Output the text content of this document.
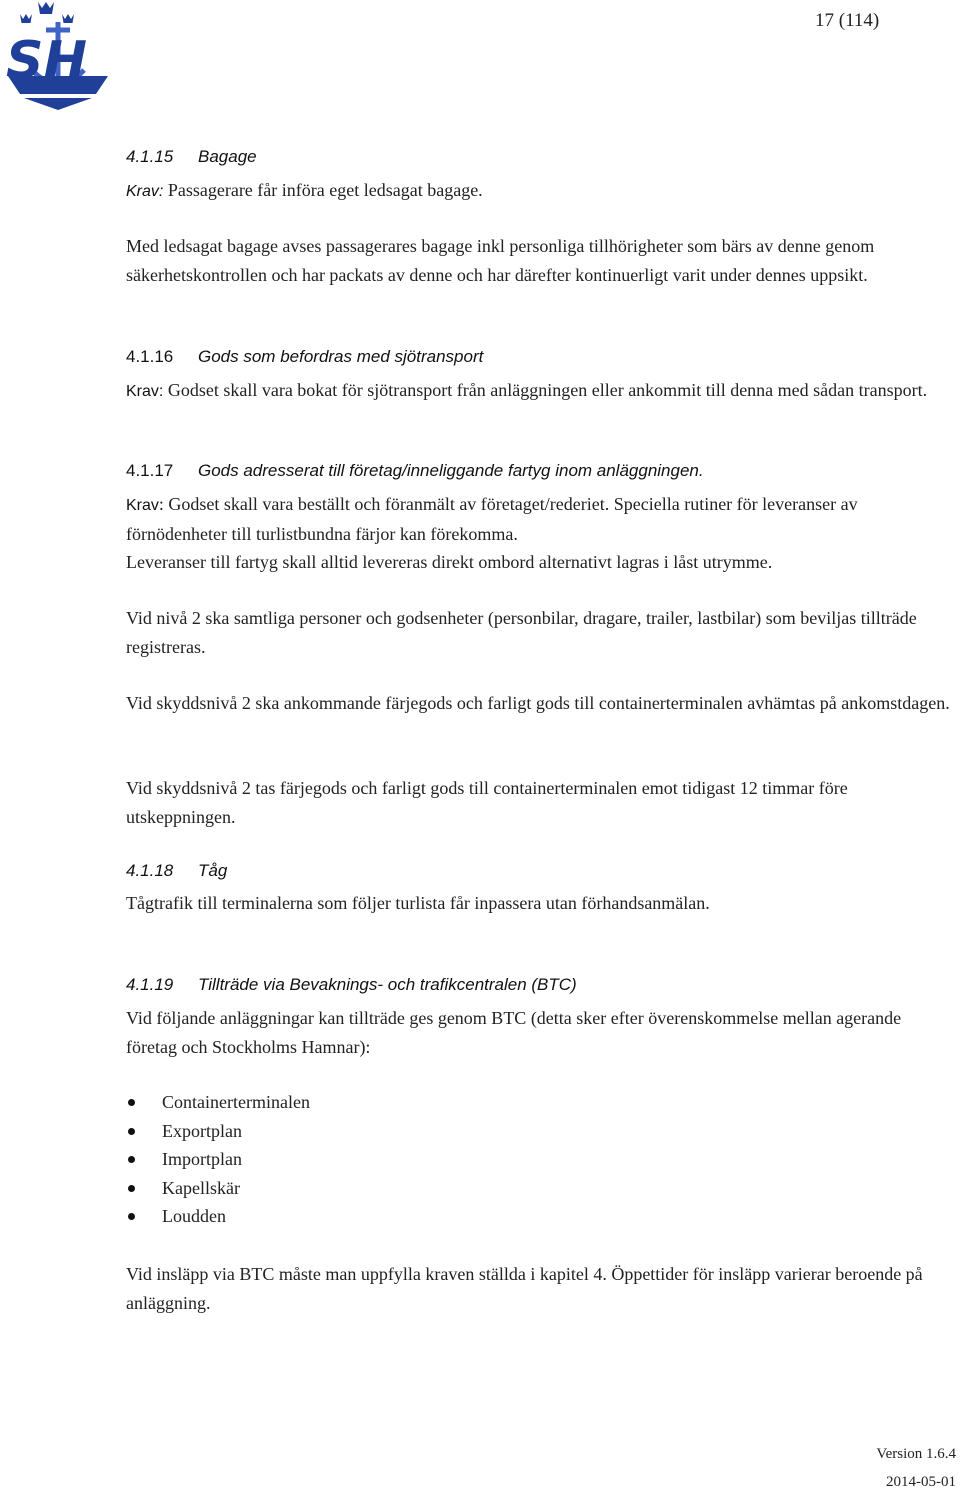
SH
17 (114)
4.1.15 Bagage
Krav: Passagerare får införa eget ledsagat bagage.
Med ledsagat bagage avses passagerares bagage inkl personliga tillhörigheter som bärs av denne genom säkerhetskontrollen och har packats av denne och har därefter kontinuerligt varit under dennes uppsikt.
4.1.16 Gods som befordras med sjötransport
Krav: Godset skall vara bokat för sjötransport från anläggningen eller ankommit till denna med sådan transport.
4.1.17 Gods adresserat till företag/inneliggande fartyg inom anläggningen.
Krav: Godset skall vara beställt och föranmält av företaget/rederiet. Speciella rutiner för leveranser av förnödenheter till turlistbundna färjor kan förekomma.
Leveranser till fartyg skall alltid levereras direkt ombord alternativt lagras i låst utrymme.
Vid nivå 2 ska samtliga personer och godsenheter (personbilar, dragare, trailer, lastbilar) som beviljas tillträde registreras.
Vid skyddsnivå 2 ska ankommande färjegods och farligt gods till containerterminalen avhämtas på ankomstdagen.
Vid skyddsnivå 2 tas färjegods och farligt gods till containerterminalen emot tidigast 12 timmar före utskeppningen.
4.1.18 Tåg
Tågtrafik till terminalerna som följer turlista får inpassera utan förhandsanmälan.
4.1.19 Tillträde via Bevaknings- och trafikcentralen (BTC)
Vid följande anläggningar kan tillträde ges genom BTC (detta sker efter överenskommelse mellan agerande företag och Stockholms Hamnar):
Containerterminalen
Exportplan
Importplan
Kapellskär
Loudden
Vid insläpp via BTC måste man uppfylla kraven ställda i kapitel 4. Öppettider för insläpp varierar beroende på anläggning.
Version 1.6.4
2014-05-01
